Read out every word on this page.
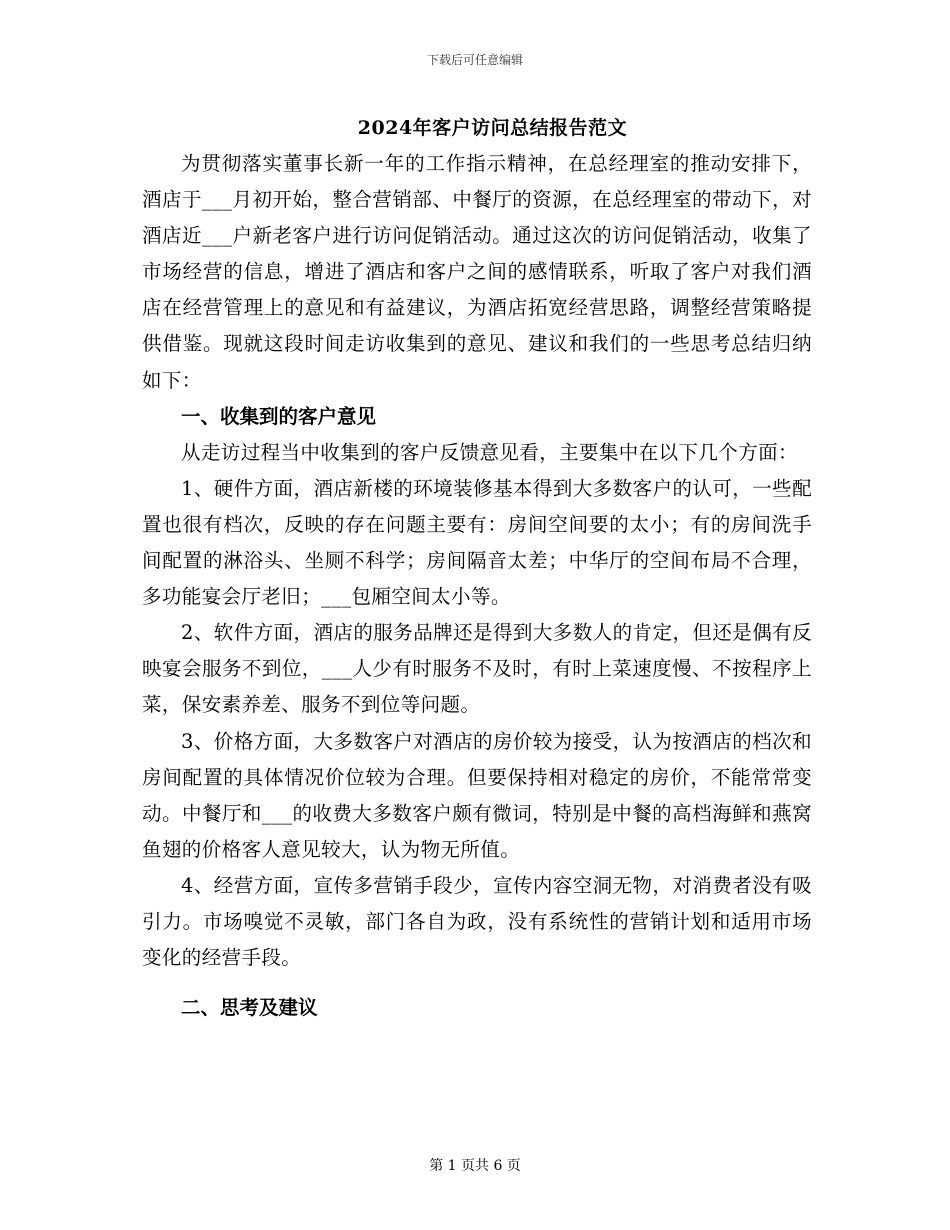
下载后可任意编辑
2024年客户访问总结报告范文

为贯彻落实董事长新一年的工作指示精神，在总经理室的推动安排下，酒店于___月初开始，整合营销部、中餐厅的资源，在总经理室的带动下，对酒店近___户新老客户进行访问促销活动。通过这次的访问促销活动，收集了市场经营的信息，增进了酒店和客户之间的感情联系，听取了客户对我们酒店在经营管理上的意见和有益建议，为酒店拓宽经营思路，调整经营策略提供借鉴。现就这段时间走访收集到的意见、建议和我们的一些思考总结归纳如下：

一、收集到的客户意见

从走访过程当中收集到的客户反馈意见看，主要集中在以下几个方面：

1、硬件方面，酒店新楼的环境装修基本得到大多数客户的认可，一些配置也很有档次，反映的存在问题主要有：房间空间要的太小；有的房间洗手间配置的淋浴头、坐厕不科学；房间隔音太差；中华厅的空间布局不合理，多功能宴会厅老旧；___包厢空间太小等。

2、软件方面，酒店的服务品牌还是得到大多数人的肯定，但还是偶有反映宴会服务不到位，___人少有时服务不及时，有时上菜速度慢、不按程序上菜，保安素养差、服务不到位等问题。

3、价格方面，大多数客户对酒店的房价较为接受，认为按酒店的档次和房间配置的具体情况价位较为合理。但要保持相对稳定的房价，不能常常变动。中餐厅和___的收费大多数客户颇有微词，特别是中餐的高档海鲜和燕窝鱼翅的价格客人意见较大，认为物无所值。

4、经营方面，宣传多营销手段少，宣传内容空洞无物，对消费者没有吸引力。市场嗅觉不灵敏，部门各自为政，没有系统性的营销计划和适用市场变化的经营手段。

二、思考及建议

第 1 页共 6 页
